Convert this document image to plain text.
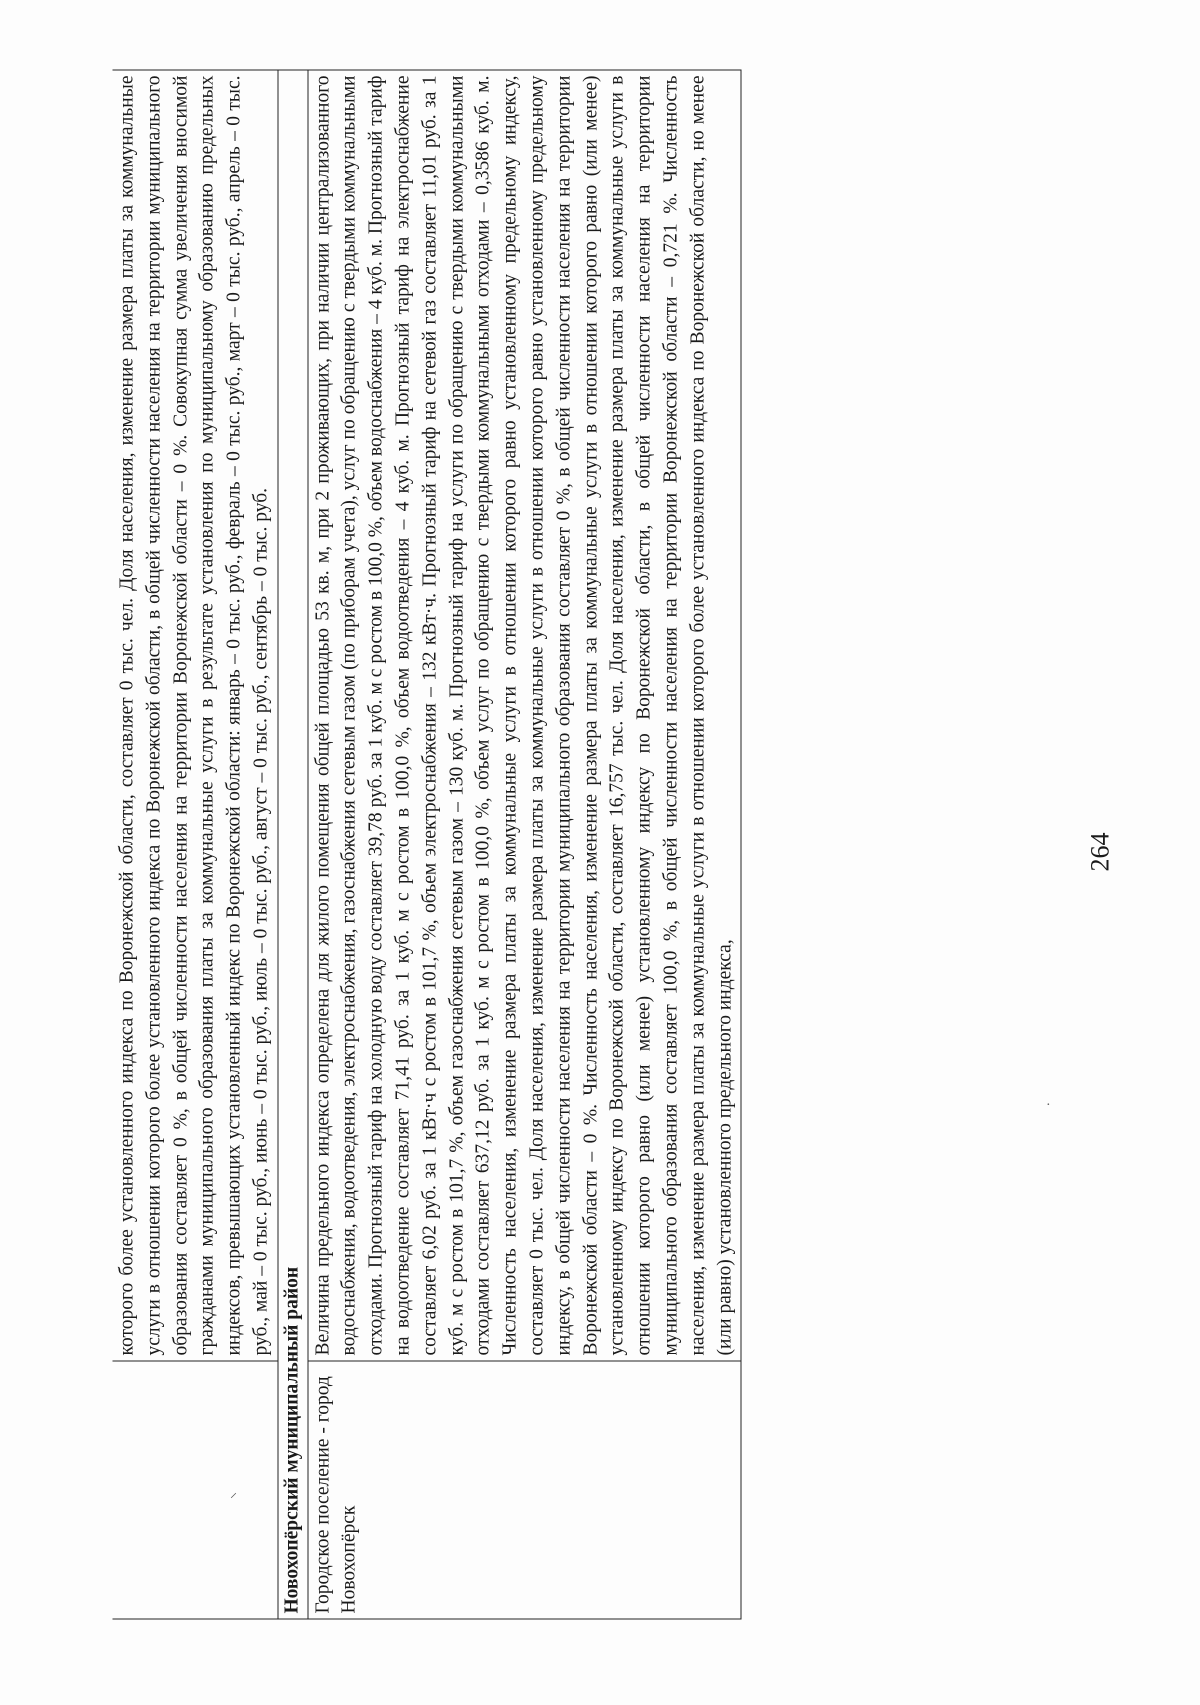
264
	которого более установленного индекса по Воронежской области, составляет 0 тыс. чел. Доля населения, изменение размера платы за коммунальные услуги в отношении которого более установленного индекса по Воронежской области, в общей численности населения на территории муниципального образования составляет 0 %, в общей численности населения на территории Воронежской области – 0 %. Совокупная сумма увеличения вносимой гражданами муниципального образования платы за коммунальные услуги в результате установления по муниципальному образованию предельных индексов, превышающих установленный индекс по Воронежской области: январь – 0 тыс. руб., февраль – 0 тыс. руб., март – 0 тыс. руб., апрель – 0 тыс. руб., май – 0 тыс. руб., июнь – 0 тыс. руб., июль – 0 тыс. руб., август – 0 тыс. руб., сентябрь – 0 тыс. руб.
Новохопёрский муниципальный район	
Городское поселение - город Новохопёрск	Величина предельного индекса определена для жилого помещения общей площадью 53 кв. м, при 2 проживающих, при наличии централизованного водоснабжения, водоотведения, электроснабжения, газоснабжения сетевым газом (по приборам учета), услуг по обращению с твердыми коммунальными отходами. Прогнозный тариф на холодную воду составляет 39,78 руб. за 1 куб. м с ростом в 100,0 %, объем водоснабжения – 4 куб. м. Прогнозный тариф на водоотведение составляет 71,41 руб. за 1 куб. м с ростом в 100,0 %, объем водоотведения – 4 куб. м. Прогнозный тариф на электроснабжение составляет 6,02 руб. за 1 кВт·ч с ростом в 101,7 %, объем электроснабжения – 132 кВт·ч. Прогнозный тариф на сетевой газ составляет 11,01 руб. за 1 куб. м с ростом в 101,7 %, объем газоснабжения сетевым газом – 130 куб. м. Прогнозный тариф на услуги по обращению с твердыми коммунальными отходами составляет 637,12 руб. за 1 куб. м с ростом в 100,0 %, объем услуг по обращению с твердыми коммунальными отходами – 0,3586 куб. м. Численность населения, изменение размера платы за коммунальные услуги в отношении которого равно установленному предельному индексу, составляет 0 тыс. чел. Доля населения, изменение размера платы за коммунальные услуги в отношении которого равно установленному предельному индексу, в общей численности населения на территории муниципального образования составляет 0 %, в общей численности населения на территории Воронежской области – 0 %. Численность населения, изменение размера платы за коммунальные услуги в отношении которого равно (или менее) установленному индексу по Воронежской области, составляет 16,757 тыс. чел. Доля населения, изменение размера платы за коммунальные услуги в отношении которого равно (или менее) установленному индексу по Воронежской области, в общей численности населения на территории муниципального образования составляет 100,0 %, в общей численности населения на территории Воронежской области – 0,721 %. Численность населения, изменение размера платы за коммунальные услуги в отношении которого более установленного индекса по Воронежской области, но менее (или равно) установленного предельного индекса,
⸝
·
